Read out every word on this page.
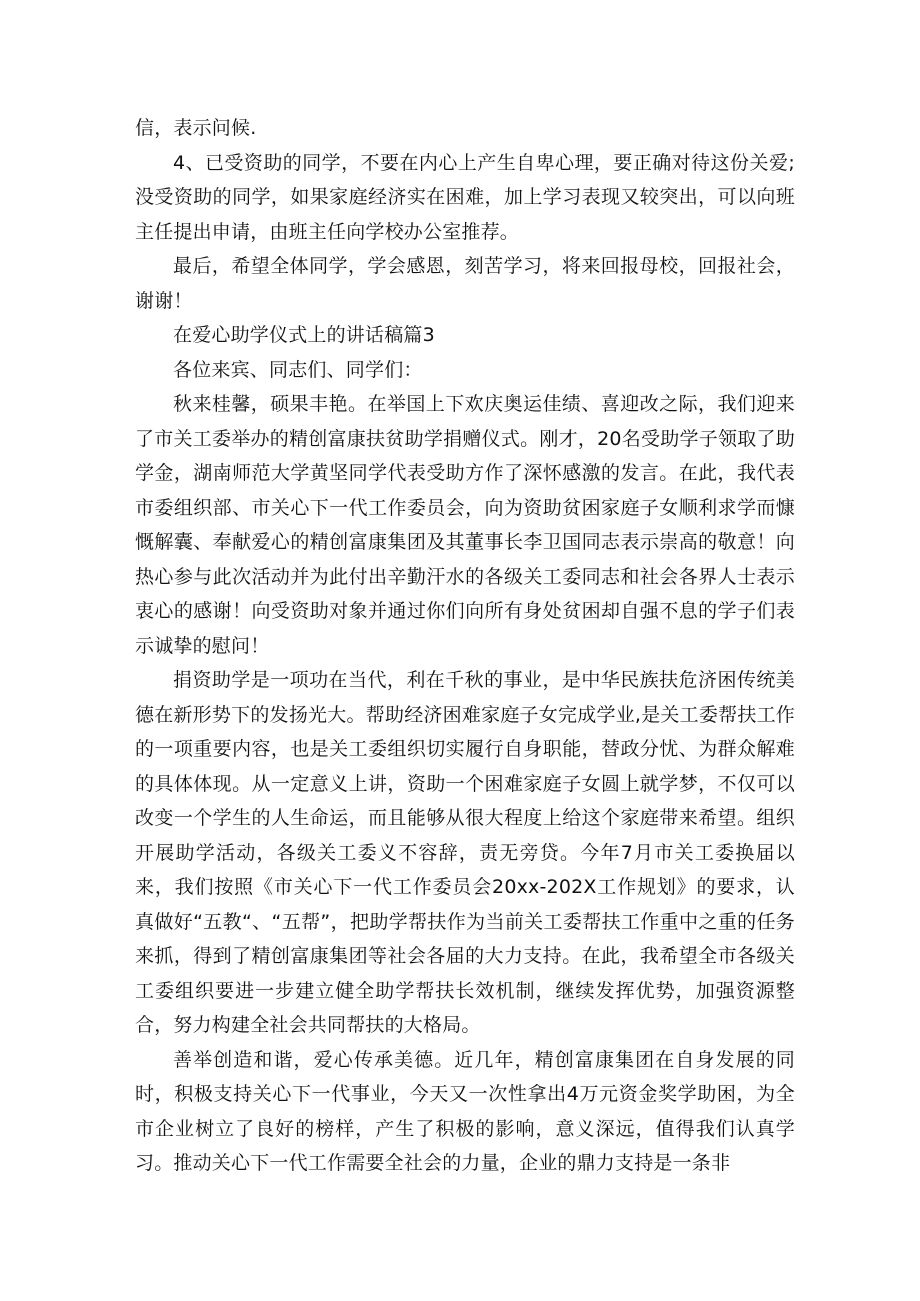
信，表示问候.

4、已受资助的同学，不要在内心上产生自卑心理，要正确对待这份关爱; 没受资助的同学，如果家庭经济实在困难，加上学习表现又较突出，可以向班主任提出申请，由班主任向学校办公室推荐。

最后，希望全体同学，学会感恩，刻苦学习，将来回报母校，回报社会，谢谢！

在爱心助学仪式上的讲话稿篇3

各位来宾、同志们、同学们：

秋来桂馨，硕果丰艳。在举国上下欢庆奥运佳绩、喜迎改之际，我们迎来了市关工委举办的精创富康扶贫助学捐赠仪式。刚才，20名受助学子领取了助学金，湖南师范大学黄坚同学代表受助方作了深怀感激的发言。在此，我代表市委组织部、市关心下一代工作委员会，向为资助贫困家庭子女顺利求学而慷慨解囊、奉献爱心的精创富康集团及其董事长李卫国同志表示崇高的敬意！向热心参与此次活动并为此付出辛勤汗水的各级关工委同志和社会各界人士表示衷心的感谢！向受资助对象并通过你们向所有身处贫困却自强不息的学子们表示诚挚的慰问！

捐资助学是一项功在当代，利在千秋的事业，是中华民族扶危济困传统美德在新形势下的发扬光大。帮助经济困难家庭子女完成学业,是关工委帮扶工作的一项重要内容，也是关工委组织切实履行自身职能，替政分忧、为群众解难的具体体现。从一定意义上讲，资助一个困难家庭子女圆上就学梦，不仅可以改变一个学生的人生命运，而且能够从很大程度上给这个家庭带来希望。组织开展助学活动，各级关工委义不容辞，责无旁贷。今年7月市关工委换届以来，我们按照《市关心下一代工作委员会20xx-202X工作规划》的要求，认真做好“五教“、“五帮”，把助学帮扶作为当前关工委帮扶工作重中之重的任务来抓，得到了精创富康集团等社会各届的大力支持。在此，我希望全市各级关工委组织要进一步建立健全助学帮扶长效机制，继续发挥优势，加强资源整合，努力构建全社会共同帮扶的大格局。

善举创造和谐，爱心传承美德。近几年，精创富康集团在自身发展的同时，积极支持关心下一代事业，今天又一次性拿出4万元资金奖学助困，为全市企业树立了良好的榜样，产生了积极的影响，意义深远，值得我们认真学习。推动关心下一代工作需要全社会的力量，企业的鼎力支持是一条非
